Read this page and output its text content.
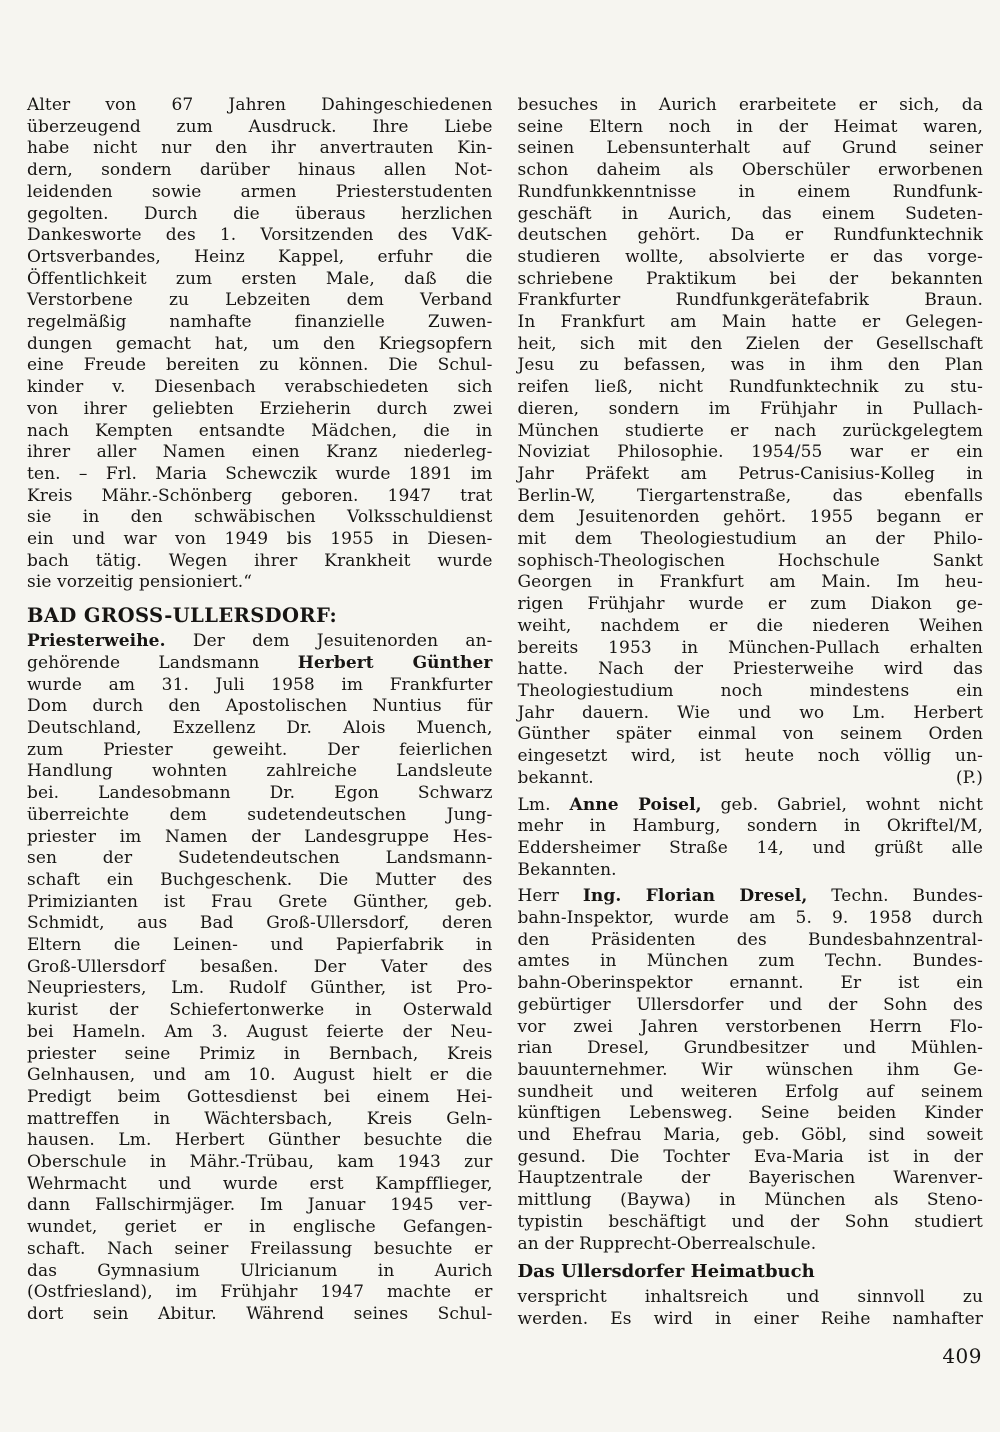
Alter von 67 Jahren Dahingeschiedenen
überzeugend zum Ausdruck. Ihre Liebe
habe nicht nur den ihr anvertrauten Kin-
dern, sondern darüber hinaus allen Not-
leidenden sowie armen Priesterstudenten
gegolten. Durch die überaus herzlichen
Dankesworte des 1. Vorsitzenden des VdK-
Ortsverbandes, Heinz Kappel, erfuhr die
Öffentlichkeit zum ersten Male, daß die
Verstorbene zu Lebzeiten dem Verband
regelmäßig namhafte finanzielle Zuwen-
dungen gemacht hat, um den Kriegsopfern
eine Freude bereiten zu können. Die Schul-
kinder v. Diesenbach verabschiedeten sich
von ihrer geliebten Erzieherin durch zwei
nach Kempten entsandte Mädchen, die in
ihrer aller Namen einen Kranz niederleg-
ten. – Frl. Maria Schewczik wurde 1891 im
Kreis Mähr.-Schönberg geboren. 1947 trat
sie in den schwäbischen Volksschuldienst
ein und war von 1949 bis 1955 in Diesen-
bach tätig. Wegen ihrer Krankheit wurde
sie vorzeitig pensioniert.“
BAD GROSS-ULLERSDORF:
Priesterweihe. Der dem Jesuitenorden an-
gehörende Landsmann Herbert Günther
wurde am 31. Juli 1958 im Frankfurter
Dom durch den Apostolischen Nuntius für
Deutschland, Exzellenz Dr. Alois Muench,
zum Priester geweiht. Der feierlichen
Handlung wohnten zahlreiche Landsleute
bei. Landesobmann Dr. Egon Schwarz
überreichte dem sudetendeutschen Jung-
priester im Namen der Landesgruppe Hes-
sen der Sudetendeutschen Landsmann-
schaft ein Buchgeschenk. Die Mutter des
Primizianten ist Frau Grete Günther, geb.
Schmidt, aus Bad Groß-Ullersdorf, deren
Eltern die Leinen- und Papierfabrik in
Groß-Ullersdorf besaßen. Der Vater des
Neupriesters, Lm. Rudolf Günther, ist Pro-
kurist der Schiefertonwerke in Osterwald
bei Hameln. Am 3. August feierte der Neu-
priester seine Primiz in Bernbach, Kreis
Gelnhausen, und am 10. August hielt er die
Predigt beim Gottesdienst bei einem Hei-
mattreffen in Wächtersbach, Kreis Geln-
hausen. Lm. Herbert Günther besuchte die
Oberschule in Mähr.-Trübau, kam 1943 zur
Wehrmacht und wurde erst Kampfflieger,
dann Fallschirmjäger. Im Januar 1945 ver-
wundet, geriet er in englische Gefangen-
schaft. Nach seiner Freilassung besuchte er
das Gymnasium Ulricianum in Aurich
(Ostfriesland), im Frühjahr 1947 machte er
dort sein Abitur. Während seines Schul-
besuches in Aurich erarbeitete er sich, da
seine Eltern noch in der Heimat waren,
seinen Lebensunterhalt auf Grund seiner
schon daheim als Oberschüler erworbenen
Rundfunkkenntnisse in einem Rundfunk-
geschäft in Aurich, das einem Sudeten-
deutschen gehört. Da er Rundfunktechnik
studieren wollte, absolvierte er das vorge-
schriebene Praktikum bei der bekannten
Frankfurter Rundfunkgerätefabrik Braun.
In Frankfurt am Main hatte er Gelegen-
heit, sich mit den Zielen der Gesellschaft
Jesu zu befassen, was in ihm den Plan
reifen ließ, nicht Rundfunktechnik zu stu-
dieren, sondern im Frühjahr in Pullach-
München studierte er nach zurückgelegtem
Noviziat Philosophie. 1954/55 war er ein
Jahr Präfekt am Petrus-Canisius-Kolleg in
Berlin-W, Tiergartenstraße, das ebenfalls
dem Jesuitenorden gehört. 1955 begann er
mit dem Theologiestudium an der Philo-
sophisch-Theologischen Hochschule Sankt
Georgen in Frankfurt am Main. Im heu-
rigen Frühjahr wurde er zum Diakon ge-
weiht, nachdem er die niederen Weihen
bereits 1953 in München-Pullach erhalten
hatte. Nach der Priesterweihe wird das
Theologiestudium noch mindestens ein
Jahr dauern. Wie und wo Lm. Herbert
Günther später einmal von seinem Orden
eingesetzt wird, ist heute noch völlig un-
bekannt. (P.)
Lm. Anne Poisel, geb. Gabriel, wohnt nicht
mehr in Hamburg, sondern in Okriftel/M,
Eddersheimer Straße 14, und grüßt alle
Bekannten.
Herr Ing. Florian Dresel, Techn. Bundes-
bahn-Inspektor, wurde am 5. 9. 1958 durch
den Präsidenten des Bundesbahnzentral-
amtes in München zum Techn. Bundes-
bahn-Oberinspektor ernannt. Er ist ein
gebürtiger Ullersdorfer und der Sohn des
vor zwei Jahren verstorbenen Herrn Flo-
rian Dresel, Grundbesitzer und Mühlen-
bauunternehmer. Wir wünschen ihm Ge-
sundheit und weiteren Erfolg auf seinem
künftigen Lebensweg. Seine beiden Kinder
und Ehefrau Maria, geb. Göbl, sind soweit
gesund. Die Tochter Eva-Maria ist in der
Hauptzentrale der Bayerischen Warenver-
mittlung (Baywa) in München als Steno-
typistin beschäftigt und der Sohn studiert
an der Rupprecht-Oberrealschule.
Das Ullersdorfer Heimatbuch
verspricht inhaltsreich und sinnvoll zu
werden. Es wird in einer Reihe namhafter
409
